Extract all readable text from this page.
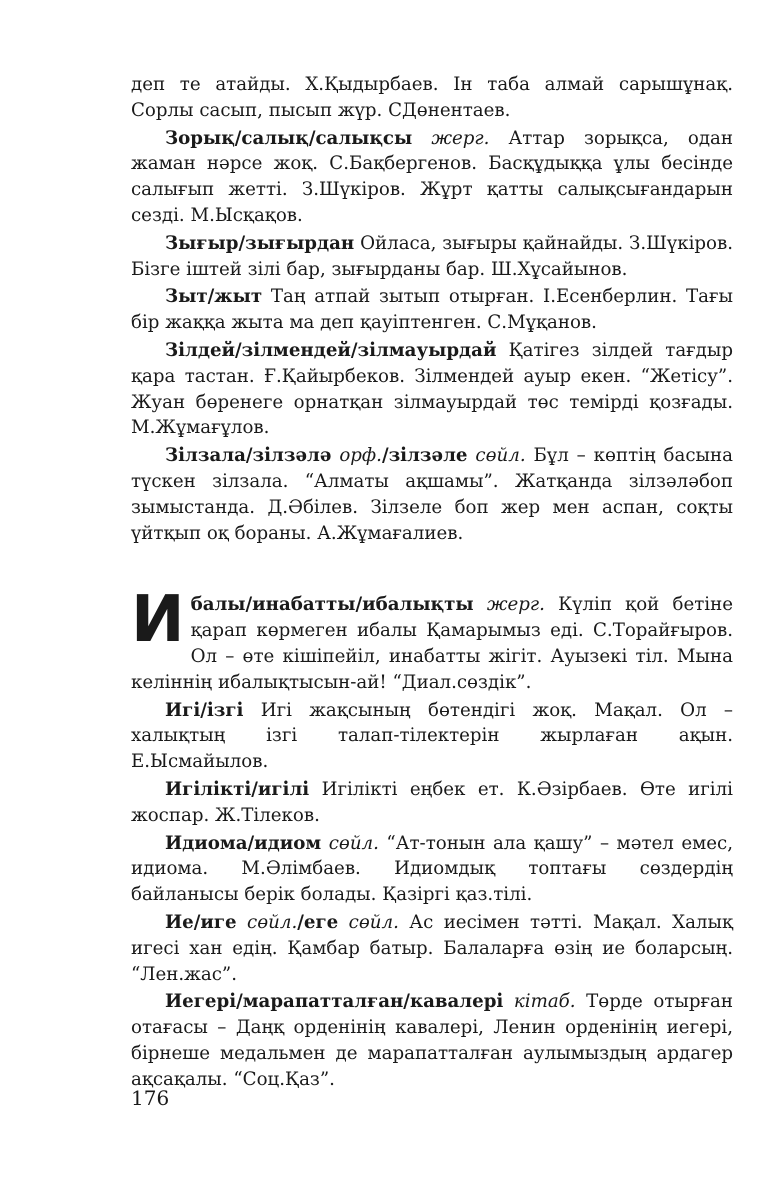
деп те атайды. Х.Қыдырбаев. Ін таба алмай сарышұнақ. Сорлы сасып, пысып жүр. СДөнентаев.

Зорық/салық/салықсы жерг. Аттар зорықса, одан жаман нәрсе жоқ. С.Бақбергенов. Басқұдыққа ұлы бесінде салығып жетті. З.Шүкіров. Жұрт қатты салықсығандарын сезді. М.Ысқақов.

Зығыр/зығырдан Ойласа, зығыры қайнайды. З.Шүкіров. Бізге іштей зілі бар, зығырданы бар. Ш.Хұсайынов.

Зыт/жыт Таң атпай зытып отырған. І.Есенберлин. Тағы бір жаққа жыта ма деп қауіптенген. С.Мұқанов.

Зілдей/зілмендей/зілмауырдай Қатігез зілдей тағдыр қара тастан. Ғ.Қайырбеков. Зілмендей ауыр екен. “Жетісу”. Жуан бөренеге орнатқан зілмауырдай төс темірді қозғады. М.Жұмағұлов.

Зілзала/зілзәлә орф./зілзәле сөйл. Бұл – көптің басына түскен зілзала. “Алматы ақшамы”. Жатқанда зілзәләбоп зымыстанда. Д.Әбілев. Зілзеле боп жер мен аспан, соқты үйтқып оқ бораны. А.Жұмағалиев.

Ибалы/инабатты/ибалықты жерг. Күліп қой бетіне қарап көрмеген ибалы Қамарымыз еді. С.Торайғыров. Ол – өте кішіпейіл, инабатты жігіт. Ауызекі тіл. Мына келіннің ибалықтысын-ай! “Диал.сөздік”.

Игі/ізгі Игі жақсының бөтендігі жоқ. Мақал. Ол – халықтың ізгі талап-тілектерін жырлаған ақын. Е.Ысмайылов.

Игілікті/игілі Игілікті еңбек ет. К.Әзірбаев. Өте игілі жоспар. Ж.Тілеков.

Идиома/идиом сөйл. “Ат-тонын ала қашу” – мәтел емес, идиома. М.Әлімбаев. Идиомдық топтағы сөздердің байланысы берік болады. Қазіргі қаз.тілі.

Ие/иге сөйл./еге сөйл. Ас иесімен тәтті. Мақал. Халық игесі хан едің. Қамбар батыр. Балаларға өзің ие боларсың. “Лен.жас”.

Иегері/марапатталған/кавалері кітаб. Төрде отырған отағасы – Даңқ орденінің кавалері, Ленин орденінің иегері, бірнеше медальмен де марапатталған аулымыздың ардагер ақсақалы. “Соц.Қаз”.

176
